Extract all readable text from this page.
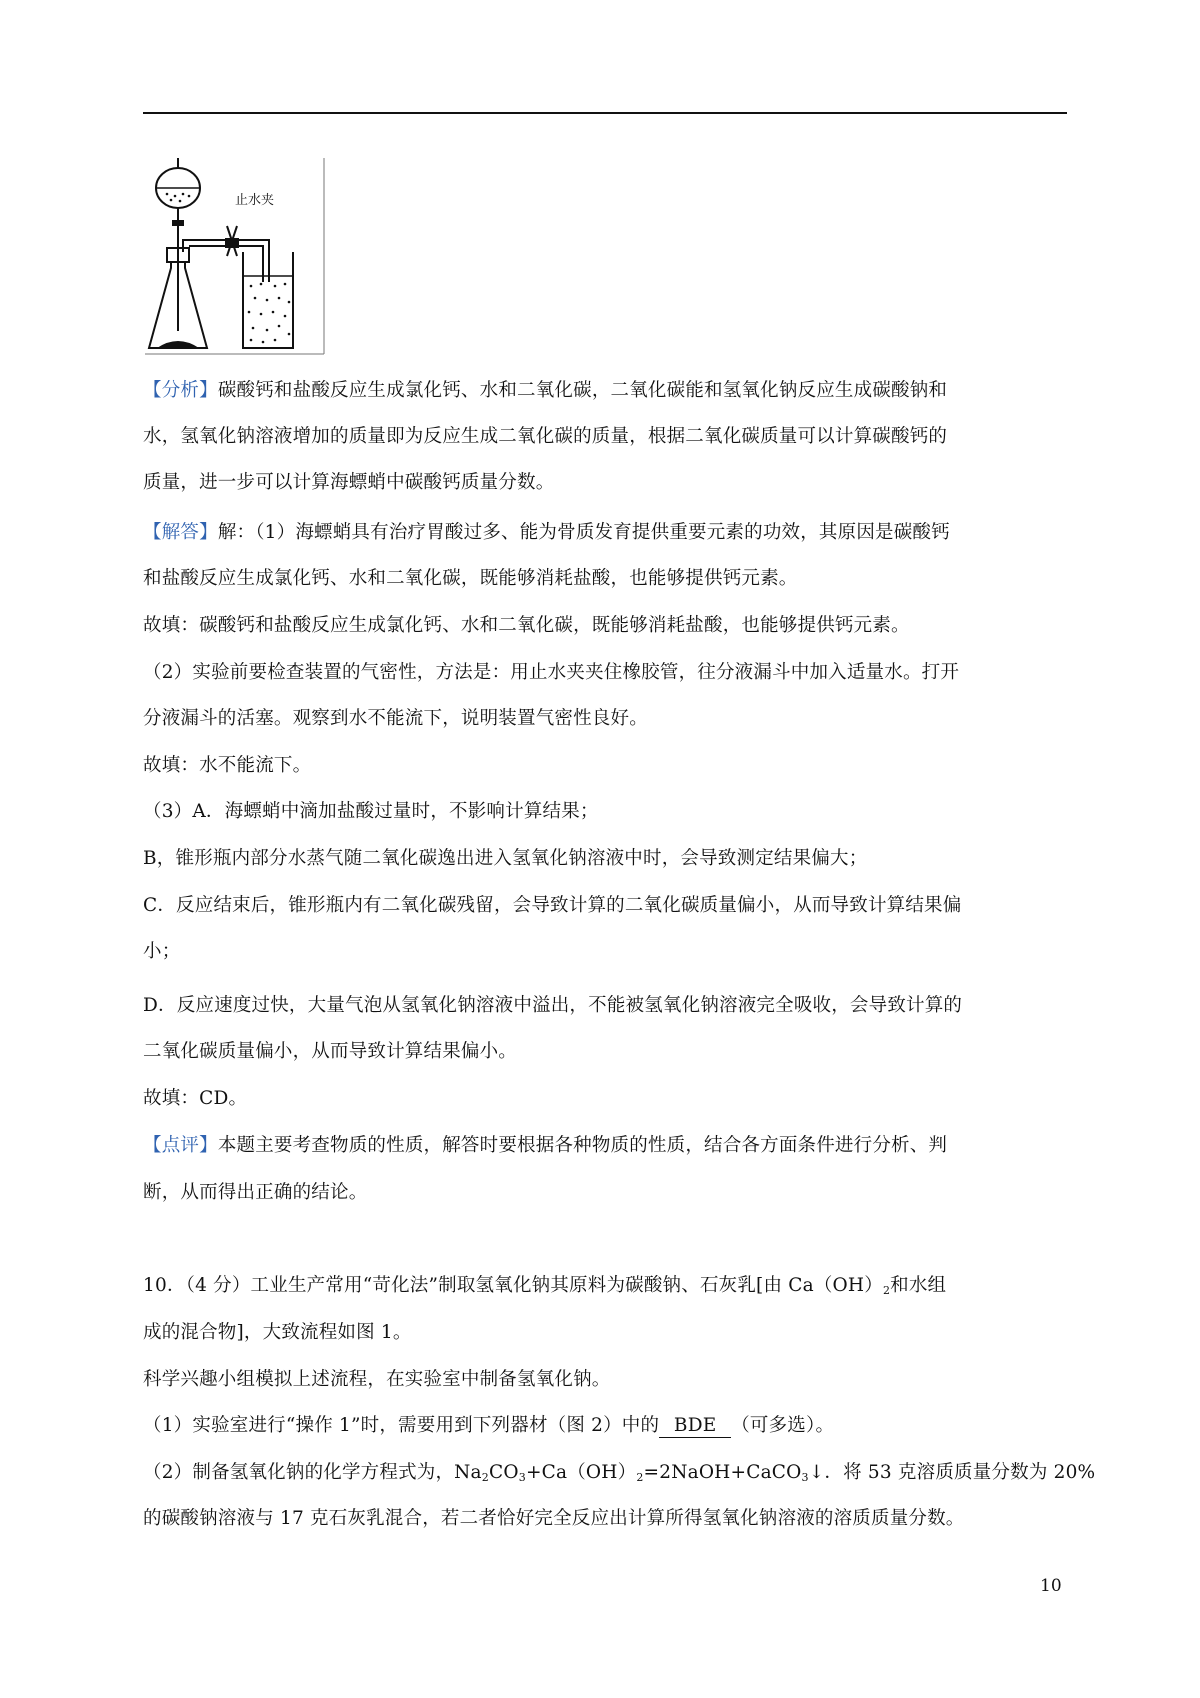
止水夹
【分析】碳酸钙和盐酸反应生成氯化钙、水和二氧化碳，二氧化碳能和氢氧化钠反应生成碳酸钠和
水，氢氧化钠溶液增加的质量即为反应生成二氧化碳的质量，根据二氧化碳质量可以计算碳酸钙的
质量，进一步可以计算海螵蛸中碳酸钙质量分数。
【解答】解：（1）海螵蛸具有治疗胃酸过多、能为骨质发育提供重要元素的功效，其原因是碳酸钙
和盐酸反应生成氯化钙、水和二氧化碳，既能够消耗盐酸，也能够提供钙元素。
故填：碳酸钙和盐酸反应生成氯化钙、水和二氧化碳，既能够消耗盐酸，也能够提供钙元素。
（2）实验前要检查装置的气密性，方法是：用止水夹夹住橡胶管，往分液漏斗中加入适量水。打开
分液漏斗的活塞。观察到水不能流下，说明装置气密性良好。
故填：水不能流下。
（3）A．海螵蛸中滴加盐酸过量时，不影响计算结果；
B，锥形瓶内部分水蒸气随二氧化碳逸出进入氢氧化钠溶液中时，会导致测定结果偏大；
C．反应结束后，锥形瓶内有二氧化碳残留，会导致计算的二氧化碳质量偏小，从而导致计算结果偏
小；
D．反应速度过快，大量气泡从氢氧化钠溶液中溢出，不能被氢氧化钠溶液完全吸收，会导致计算的
二氧化碳质量偏小，从而导致计算结果偏小。
故填：CD。
【点评】本题主要考查物质的性质，解答时要根据各种物质的性质，结合各方面条件进行分析、判
断，从而得出正确的结论。
10．（4 分）工业生产常用“苛化法”制取氢氧化钠其原料为碳酸钠、石灰乳[由 $Ca(OH)_2$和水组
成的混合物]，大致流程如图 1。
科学兴趣小组模拟上述流程，在实验室中制备氢氧化钠。
（1）实验室进行“操作 1”时，需要用到下列器材（图 2）中的 BDE （可多选）。
（2）制备氢氧化钠的化学方程式为，$Na_2CO_3+Ca(OH)_2=2NaOH+CaCO_3↓$．将 53 克溶质质量分数为 20%
的碳酸钠溶液与 17 克石灰乳混合，若二者恰好完全反应出计算所得氢氧化钠溶液的溶质质量分数。
10
